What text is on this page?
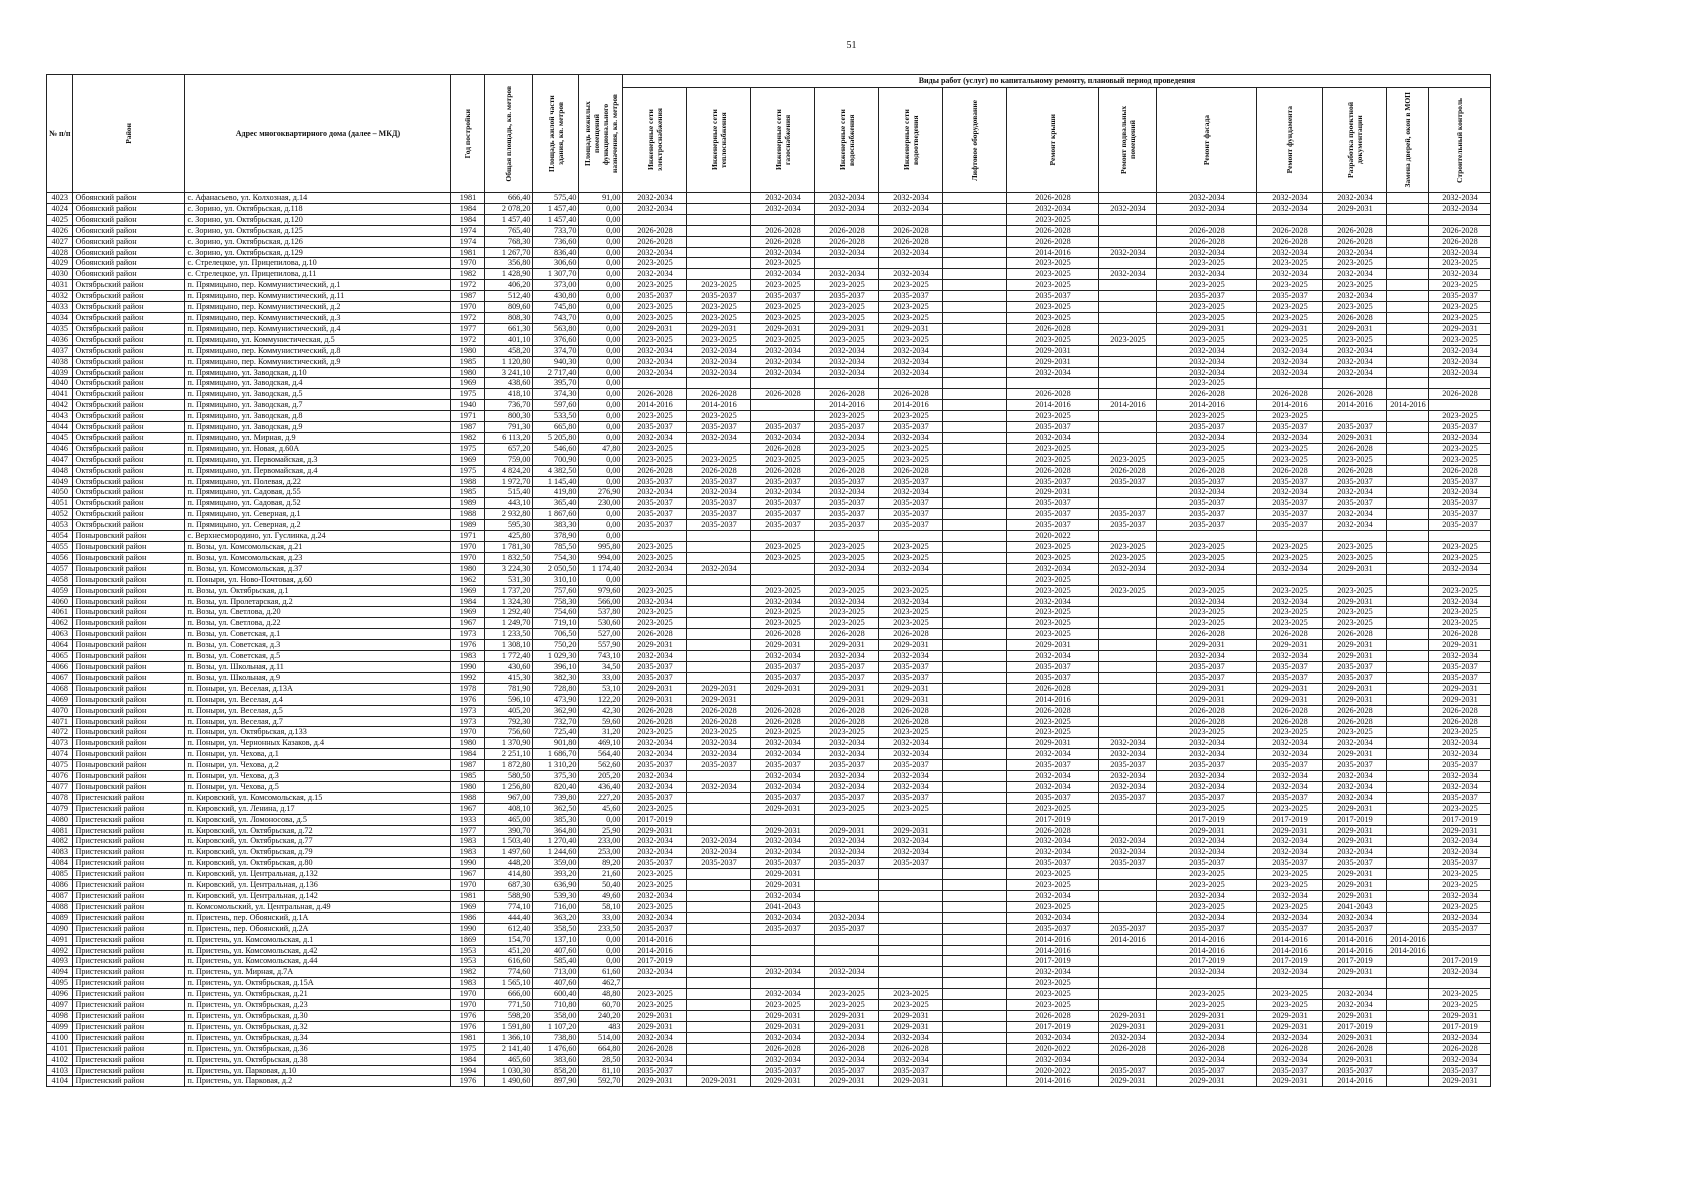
51
№ п/п	Район	Адрес многоквартирного дома (далее – МКД)	Год постройки	Общая площадь, кв. метров	Площадь жилой части здания, кв. метров	Площадь нежилых помещений функционального назначения, кв. метров	Виды работ (услуг) по капитальному ремонту, плановый период проведения												

							Инженерные сети электроснабжения	Инженерные сети теплоснабжения	Инженерные сети газоснабжения	Инженерные сети водоснабжения	Инженерные сети водоотведения	Лифтовое оборудование	Ремонт крыши	Ремонт подвальных помещений	Ремонт фасада	Ремонт фундамента	Разработка проектной документации	Замена дверей, окон в МОП	Строительный контроль

4023	Обоянский район	с. Афанасьево, ул. Колхозная, д.14	1981	666,40	575,40	91,00	2032-2034		2032-2034	2032-2034	2032-2034		2026-2028		2032-2034	2032-2034	2032-2034		2032-2034
4024	Обоянский район	с. Зорино, ул. Октябрьская, д.118	1984	2 078,20	1 457,40	0,00	2032-2034		2032-2034	2032-2034	2032-2034		2032-2034	2032-2034	2032-2034	2032-2034	2029-2031		2032-2034
4025	Обоянский район	с. Зорино, ул. Октябрьская, д.120	1984	1 457,40	1 457,40	0,00							2023-2025						
4026	Обоянский район	с. Зорино, ул. Октябрьская, д.125	1974	765,40	733,70	0,00	2026-2028		2026-2028	2026-2028	2026-2028		2026-2028		2026-2028	2026-2028	2026-2028		2026-2028
4027	Обоянский район	с. Зорино, ул. Октябрьская, д.126	1974	768,30	736,60	0,00	2026-2028		2026-2028	2026-2028	2026-2028		2026-2028		2026-2028	2026-2028	2026-2028		2026-2028
4028	Обоянский район	с. Зорино, ул. Октябрьская, д.129	1981	1 267,70	836,40	0,00	2032-2034		2032-2034	2032-2034	2032-2034		2014-2016	2032-2034	2032-2034	2032-2034	2032-2034		2032-2034
4029	Обоянский район	с. Стрелецкое, ул. Прицепилова, д.10	1970	356,80	306,60	0,00	2023-2025		2023-2025				2023-2025		2023-2025	2023-2025	2023-2025		2023-2025
4030	Обоянский район	с. Стрелецкое, ул. Прицепилова, д.11	1982	1 428,90	1 307,70	0,00	2032-2034		2032-2034	2032-2034	2032-2034		2023-2025	2032-2034	2032-2034	2032-2034	2032-2034		2032-2034
4031	Октябрьский район	п. Прямицыно, пер. Коммунистический, д.1	1972	406,20	373,00	0,00	2023-2025	2023-2025	2023-2025	2023-2025	2023-2025		2023-2025		2023-2025	2023-2025	2023-2025		2023-2025
4032	Октябрьский район	п. Прямицыно, пер. Коммунистический, д.11	1987	512,40	430,80	0,00	2035-2037	2035-2037	2035-2037	2035-2037	2035-2037		2035-2037		2035-2037	2035-2037	2032-2034		2035-2037
4033	Октябрьский район	п. Прямицыно, пер. Коммунистический, д.2	1970	809,60	745,80	0,00	2023-2025	2023-2025	2023-2025	2023-2025	2023-2025		2023-2025		2023-2025	2023-2025	2023-2025		2023-2025
4034	Октябрьский район	п. Прямицыно, пер. Коммунистический, д.3	1972	808,30	743,70	0,00	2023-2025	2023-2025	2023-2025	2023-2025	2023-2025		2023-2025		2023-2025	2023-2025	2026-2028		2023-2025
4035	Октябрьский район	п. Прямицыно, пер. Коммунистический, д.4	1977	661,30	563,80	0,00	2029-2031	2029-2031	2029-2031	2029-2031	2029-2031		2026-2028		2029-2031	2029-2031	2029-2031		2029-2031
4036	Октябрьский район	п. Прямицыно, ул. Коммунистическая, д.5	1972	401,10	376,60	0,00	2023-2025	2023-2025	2023-2025	2023-2025	2023-2025		2023-2025	2023-2025	2023-2025	2023-2025	2023-2025		2023-2025
4037	Октябрьский район	п. Прямицыно, пер. Коммунистический, д.8	1980	458,20	374,70	0,00	2032-2034	2032-2034	2032-2034	2032-2034	2032-2034		2029-2031		2032-2034	2032-2034	2032-2034		2032-2034
4038	Октябрьский район	п. Прямицыно, пер. Коммунистический, д.9	1985	1 120,80	940,30	0,00	2032-2034	2032-2034	2032-2034	2032-2034	2032-2034		2029-2031		2032-2034	2032-2034	2032-2034		2032-2034
4039	Октябрьский район	п. Прямицыно, ул. Заводская, д.10	1980	3 241,10	2 717,40	0,00	2032-2034	2032-2034	2032-2034	2032-2034	2032-2034		2032-2034		2032-2034	2032-2034	2032-2034		2032-2034
4040	Октябрьский район	п. Прямицыно, ул. Заводская, д.4	1969	438,60	395,70	0,00									2023-2025				
4041	Октябрьский район	п. Прямицыно, ул. Заводская, д.5	1975	418,10	374,30	0,00	2026-2028	2026-2028	2026-2028	2026-2028	2026-2028		2026-2028		2026-2028	2026-2028	2026-2028		2026-2028
4042	Октябрьский район	п. Прямицыно, ул. Заводская, д.7	1940	736,70	597,60	0,00	2014-2016	2014-2016		2014-2016	2014-2016		2014-2016	2014-2016	2014-2016	2014-2016	2014-2016	2014-2016	
4043	Октябрьский район	п. Прямицыно, ул. Заводская, д.8	1971	800,30	533,50	0,00	2023-2025	2023-2025		2023-2025	2023-2025		2023-2025		2023-2025	2023-2025			2023-2025
4044	Октябрьский район	п. Прямицыно, ул. Заводская, д.9	1987	791,30	665,80	0,00	2035-2037	2035-2037	2035-2037	2035-2037	2035-2037		2035-2037		2035-2037	2035-2037	2035-2037		2035-2037
4045	Октябрьский район	п. Прямицыно, ул. Мирная, д.9	1982	6 113,20	5 205,80	0,00	2032-2034	2032-2034	2032-2034	2032-2034	2032-2034		2032-2034		2032-2034	2032-2034	2029-2031		2032-2034
4046	Октябрьский район	п. Прямицыно, ул. Новая, д.60А	1975	657,20	546,60	47,80	2023-2025		2026-2028	2023-2025	2023-2025		2023-2025		2023-2025	2023-2025	2026-2028		2023-2025
4047	Октябрьский район	п. Прямицыно, ул. Первомайская, д.3	1969	759,00	700,90	0,00	2023-2025	2023-2025	2023-2025	2023-2025	2023-2025		2023-2025	2023-2025	2023-2025	2023-2025	2023-2025		2023-2025
4048	Октябрьский район	п. Прямицыно, ул. Первомайская, д.4	1975	4 824,20	4 382,50	0,00	2026-2028	2026-2028	2026-2028	2026-2028	2026-2028		2026-2028	2026-2028	2026-2028	2026-2028	2026-2028		2026-2028
4049	Октябрьский район	п. Прямицыно, ул. Полевая, д.22	1988	1 972,70	1 145,40	0,00	2035-2037	2035-2037	2035-2037	2035-2037	2035-2037		2035-2037	2035-2037	2035-2037	2035-2037	2035-2037		2035-2037
4050	Октябрьский район	п. Прямицыно, ул. Садовая, д.55	1985	515,40	419,80	276,90	2032-2034	2032-2034	2032-2034	2032-2034	2032-2034		2029-2031		2032-2034	2032-2034	2032-2034		2032-2034
4051	Октябрьский район	п. Прямицыно, ул. Садовая, д.52	1989	443,10	365,40	230,00	2035-2037	2035-2037	2035-2037	2035-2037	2035-2037		2035-2037		2035-2037	2035-2037	2035-2037		2035-2037
4052	Октябрьский район	п. Прямицыно, ул. Северная, д.1	1988	2 932,80	1 867,60	0,00	2035-2037	2035-2037	2035-2037	2035-2037	2035-2037		2035-2037	2035-2037	2035-2037	2035-2037	2032-2034		2035-2037
4053	Октябрьский район	п. Прямицыно, ул. Северная, д.2	1989	595,30	383,30	0,00	2035-2037	2035-2037	2035-2037	2035-2037	2035-2037		2035-2037	2035-2037	2035-2037	2035-2037	2032-2034		2035-2037
4054	Поныровский район	с. Верхнесмородино, ул. Гуслинка, д.24	1971	425,80	378,90	0,00							2020-2022						
4055	Поныровский район	п. Возы, ул. Комсомольская, д.21	1970	1 781,30	785,50	995,80	2023-2025		2023-2025	2023-2025	2023-2025		2023-2025	2023-2025	2023-2025	2023-2025	2023-2025		2023-2025
4056	Поныровский район	п. Возы, ул. Комсомольская, д.23	1970	1 832,50	754,30	994,00	2023-2025		2023-2025	2023-2025	2023-2025		2023-2025	2023-2025	2023-2025	2023-2025	2023-2025		2023-2025
4057	Поныровский район	п. Возы, ул. Комсомольская, д.37	1980	3 224,30	2 050,50	1 174,40	2032-2034	2032-2034		2032-2034	2032-2034		2032-2034	2032-2034	2032-2034	2032-2034	2029-2031		2032-2034
4058	Поныровский район	п. Поныри, ул. Ново-Почтовая, д.60	1962	531,30	310,10	0,00							2023-2025						
4059	Поныровский район	п. Возы, ул. Октябрьская, д.1	1969	1 737,20	757,60	979,60	2023-2025		2023-2025	2023-2025	2023-2025		2023-2025	2023-2025	2023-2025	2023-2025	2023-2025		2023-2025
4060	Поныровский район	п. Возы, ул. Пролетарская, д.2	1984	1 324,30	758,30	566,00	2032-2034		2032-2034	2032-2034	2032-2034		2032-2034		2032-2034	2032-2034	2029-2031		2032-2034
4061	Поныровский район	п. Возы, ул. Светлова, д.20	1969	1 292,40	754,60	537,80	2023-2025		2023-2025	2023-2025	2023-2025		2023-2025		2023-2025	2023-2025	2023-2025		2023-2025
4062	Поныровский район	п. Возы, ул. Светлова, д.22	1967	1 249,70	719,10	530,60	2023-2025		2023-2025	2023-2025	2023-2025		2023-2025		2023-2025	2023-2025	2023-2025		2023-2025
4063	Поныровский район	п. Возы, ул. Советская, д.1	1973	1 233,50	706,50	527,00	2026-2028		2026-2028	2026-2028	2026-2028		2023-2025		2026-2028	2026-2028	2026-2028		2026-2028
4064	Поныровский район	п. Возы, ул. Советская, д.3	1976	1 308,10	750,20	557,90	2029-2031		2029-2031	2029-2031	2029-2031		2029-2031		2029-2031	2029-2031	2029-2031		2029-2031
4065	Поныровский район	п. Возы, ул. Советская, д.5	1983	1 772,40	1 029,30	743,10	2032-2034		2032-2034	2032-2034	2032-2034		2032-2034		2032-2034	2032-2034	2029-2031		2032-2034
4066	Поныровский район	п. Возы, ул. Школьная, д.11	1990	430,60	396,10	34,50	2035-2037		2035-2037	2035-2037	2035-2037		2035-2037		2035-2037	2035-2037	2035-2037		2035-2037
4067	Поныровский район	п. Возы, ул. Школьная, д.9	1992	415,30	382,30	33,00	2035-2037		2035-2037	2035-2037	2035-2037		2035-2037		2035-2037	2035-2037	2035-2037		2035-2037
4068	Поныровский район	п. Поныри, ул. Веселая, д.13А	1978	781,90	728,80	53,10	2029-2031	2029-2031	2029-2031	2029-2031	2029-2031		2026-2028		2029-2031	2029-2031	2029-2031		2029-2031
4069	Поныровский район	п. Поныри, ул. Веселая, д.4	1976	596,10	473,90	122,20	2029-2031	2029-2031		2029-2031	2029-2031		2014-2016		2029-2031	2029-2031	2029-2031		2029-2031
4070	Поныровский район	п. Поныри, ул. Веселая, д.5	1973	405,20	362,90	42,30	2026-2028	2026-2028	2026-2028	2026-2028	2026-2028		2026-2028		2026-2028	2026-2028	2026-2028		2026-2028
4071	Поныровский район	п. Поныри, ул. Веселая, д.7	1973	792,30	732,70	59,60	2026-2028	2026-2028	2026-2028	2026-2028	2026-2028		2023-2025		2026-2028	2026-2028	2026-2028		2026-2028
4072	Поныровский район	п. Поныри, ул. Октябрьская, д.133	1970	756,60	725,40	31,20	2023-2025	2023-2025	2023-2025	2023-2025	2023-2025		2023-2025		2023-2025	2023-2025	2023-2025		2023-2025
4073	Поныровский район	п. Поныри, ул. Чернонных Казаков, д.4	1980	1 370,90	901,80	469,10	2032-2034	2032-2034	2032-2034	2032-2034	2032-2034		2029-2031	2032-2034	2032-2034	2032-2034	2032-2034		2032-2034
4074	Поныровский район	п. Поныри, ул. Чехова, д.1	1984	2 251,10	1 686,70	564,40	2032-2034	2032-2034	2032-2034	2032-2034	2032-2034		2032-2034	2032-2034	2032-2034	2032-2034	2029-2031		2032-2034
4075	Поныровский район	п. Поныри, ул. Чехова, д.2	1987	1 872,80	1 310,20	562,60	2035-2037	2035-2037	2035-2037	2035-2037	2035-2037		2035-2037	2035-2037	2035-2037	2035-2037	2035-2037		2035-2037
4076	Поныровский район	п. Поныри, ул. Чехова, д.3	1985	580,50	375,30	205,20	2032-2034		2032-2034	2032-2034	2032-2034		2032-2034	2032-2034	2032-2034	2032-2034	2032-2034		2032-2034
4077	Поныровский район	п. Поныри, ул. Чехова, д.5	1980	1 256,80	820,40	436,40	2032-2034	2032-2034	2032-2034	2032-2034	2032-2034		2032-2034	2032-2034	2032-2034	2032-2034	2032-2034		2032-2034
4078	Пристенский район	п. Кировский, ул. Комсомольская, д.15	1988	967,00	739,80	227,20	2035-2037		2035-2037	2035-2037	2035-2037		2035-2037	2035-2037	2035-2037	2035-2037	2032-2034		2035-2037
4079	Пристенский район	п. Кировский, ул. Ленина, д.17	1967	408,10	362,50	45,60	2023-2025		2029-2031	2023-2025	2023-2025		2023-2025		2023-2025	2023-2025	2029-2031		2023-2025
4080	Пристенский район	п. Кировский, ул. Ломоносова, д.5	1933	465,00	385,30	0,00	2017-2019						2017-2019		2017-2019	2017-2019	2017-2019		2017-2019
4081	Пристенский район	п. Кировский, ул. Октябрьская, д.72	1977	390,70	364,80	25,90	2029-2031		2029-2031	2029-2031	2029-2031		2026-2028		2029-2031	2029-2031	2029-2031		2029-2031
4082	Пристенский район	п. Кировский, ул. Октябрьская, д.77	1983	1 503,40	1 270,40	233,00	2032-2034	2032-2034	2032-2034	2032-2034	2032-2034		2032-2034	2032-2034	2032-2034	2032-2034	2029-2031		2032-2034
4083	Пристенский район	п. Кировский, ул. Октябрьская, д.79	1983	1 497,60	1 244,60	253,00	2032-2034	2032-2034	2032-2034	2032-2034	2032-2034		2032-2034	2032-2034	2032-2034	2032-2034	2032-2034		2032-2034
4084	Пристенский район	п. Кировский, ул. Октябрьская, д.80	1990	448,20	359,00	89,20	2035-2037	2035-2037	2035-2037	2035-2037	2035-2037		2035-2037	2035-2037	2035-2037	2035-2037	2035-2037		2035-2037
4085	Пристенский район	п. Кировский, ул. Центральная, д.132	1967	414,80	393,20	21,60	2023-2025		2029-2031				2023-2025		2023-2025	2023-2025	2029-2031		2023-2025
4086	Пристенский район	п. Кировский, ул. Центральная, д.136	1970	687,30	636,90	50,40	2023-2025		2029-2031				2023-2025		2023-2025	2023-2025	2029-2031		2023-2025
4087	Пристенский район	п. Кировский, ул. Центральная, д.142	1981	588,90	539,30	49,60	2032-2034		2032-2034				2032-2034		2032-2034	2032-2034	2029-2031		2032-2034
4088	Пристенский район	п. Комсомольский, ул. Центральная, д.49	1969	774,10	716,00	58,10	2023-2025		2041-2043				2023-2025		2023-2025	2023-2025	2041-2043		2023-2025
4089	Пристенский район	п. Пристень, пер. Обоянский, д.1А	1986	444,40	363,20	33,00	2032-2034		2032-2034	2032-2034			2032-2034		2032-2034	2032-2034	2032-2034		2032-2034
4090	Пристенский район	п. Пристень, пер. Обоянский, д.2А	1990	612,40	358,50	233,50	2035-2037		2035-2037	2035-2037			2035-2037	2035-2037	2035-2037	2035-2037	2035-2037		2035-2037
4091	Пристенский район	п. Пристень, ул. Комсомольская, д.1	1869	154,70	137,10	0,00	2014-2016						2014-2016	2014-2016	2014-2016	2014-2016	2014-2016	2014-2016	
4092	Пристенский район	п. Пристень, ул. Комсомольская, д.42	1953	451,20	407,60	0,00	2014-2016						2014-2016		2014-2016	2014-2016	2014-2016	2014-2016	
4093	Пристенский район	п. Пристень, ул. Комсомольская, д.44	1953	616,60	585,40	0,00	2017-2019						2017-2019		2017-2019	2017-2019	2017-2019		2017-2019
4094	Пристенский район	п. Пристень, ул. Мирная, д.7А	1982	774,60	713,00	61,60	2032-2034		2032-2034	2032-2034			2032-2034		2032-2034	2032-2034	2029-2031		2032-2034
4095	Пристенский район	п. Пристень, ул. Октябрьская, д.15А	1983	1 565,10	407,60	462,7							2023-2025						
4096	Пристенский район	п. Пристень, ул. Октябрьская, д.21	1970	666,00	600,40	48,80	2023-2025		2032-2034	2023-2025	2023-2025		2023-2025		2023-2025	2023-2025	2032-2034		2023-2025
4097	Пристенский район	п. Пристень, ул. Октябрьская, д.23	1970	771,50	710,80	60,70	2023-2025		2023-2025	2023-2025	2023-2025		2023-2025		2023-2025	2023-2025	2032-2034		2023-2025
4098	Пристенский район	п. Пристень, ул. Октябрьская, д.30	1976	598,20	358,00	240,20	2029-2031		2029-2031	2029-2031	2029-2031		2026-2028	2029-2031	2029-2031	2029-2031	2029-2031		2029-2031
4099	Пристенский район	п. Пристень, ул. Октябрьская, д.32	1976	1 591,80	1 107,20	483	2029-2031		2029-2031	2029-2031	2029-2031		2017-2019	2029-2031	2029-2031	2029-2031	2017-2019		2017-2019
4100	Пристенский район	п. Пристень, ул. Октябрьская, д.34	1981	1 366,10	738,80	514,00	2032-2034		2032-2034	2032-2034	2032-2034		2032-2034	2032-2034	2032-2034	2032-2034	2029-2031		2032-2034
4101	Пристенский район	п. Пристень, ул. Октябрьская, д.36	1975	2 141,40	1 476,60	664,80	2026-2028		2026-2028	2026-2028	2026-2028		2020-2022	2026-2028	2026-2028	2026-2028	2026-2028		2026-2028
4102	Пристенский район	п. Пристень, ул. Октябрьская, д.38	1984	465,60	383,60	28,50	2032-2034		2032-2034	2032-2034	2032-2034		2032-2034		2032-2034	2032-2034	2029-2031		2032-2034
4103	Пристенский район	п. Пристень, ул. Парковая, д.10	1994	1 030,30	858,20	81,10	2035-2037		2035-2037	2035-2037	2035-2037		2020-2022	2035-2037	2035-2037	2035-2037	2035-2037		2035-2037
4104	Пристенский район	п. Пристень, ул. Парковая, д.2	1976	1 490,60	897,90	592,70	2029-2031	2029-2031	2029-2031	2029-2031	2029-2031		2014-2016	2029-2031	2029-2031	2029-2031	2014-2016		2029-2031
